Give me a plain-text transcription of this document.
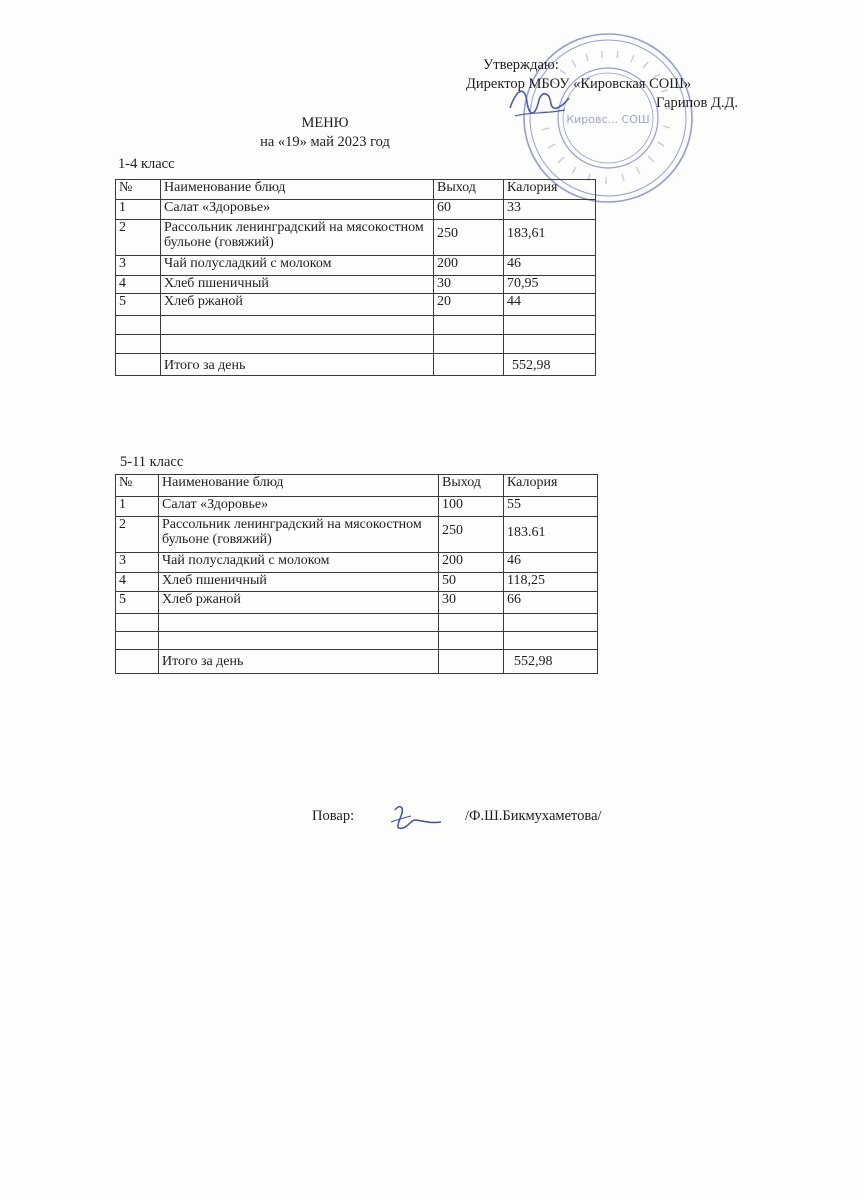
Кировс... СОШ
Утверждаю:
Директор МБОУ «Кировская СОШ»
Гарипов Д.Д.
МЕНЮ
на «19» май 2023 год
1-4 класс
№	Наименование блюд	Выход	Калория
1	Салат «Здоровье»	60	33
2	Рассольник ленинградский на мясокостном бульоне (говяжий)	250	183,61
3	Чай полусладкий с молоком	200	46
4	Хлеб пшеничный	30	70,95
5	Хлеб ржаной	20	44

	Итого за день		552,98
5-11 класс
№	Наименование блюд	Выход	Калория
1	Салат «Здоровье»	100	55
2	Рассольник ленинградский на мясокостном бульоне (говяжий)	250	183.61
3	Чай полусладкий с молоком	200	46
4	Хлеб пшеничный	50	118,25
5	Хлеб ржаной	30	66

	Итого за день		552,98
Повар:	/Ф.Ш.Бикмухаметова/
